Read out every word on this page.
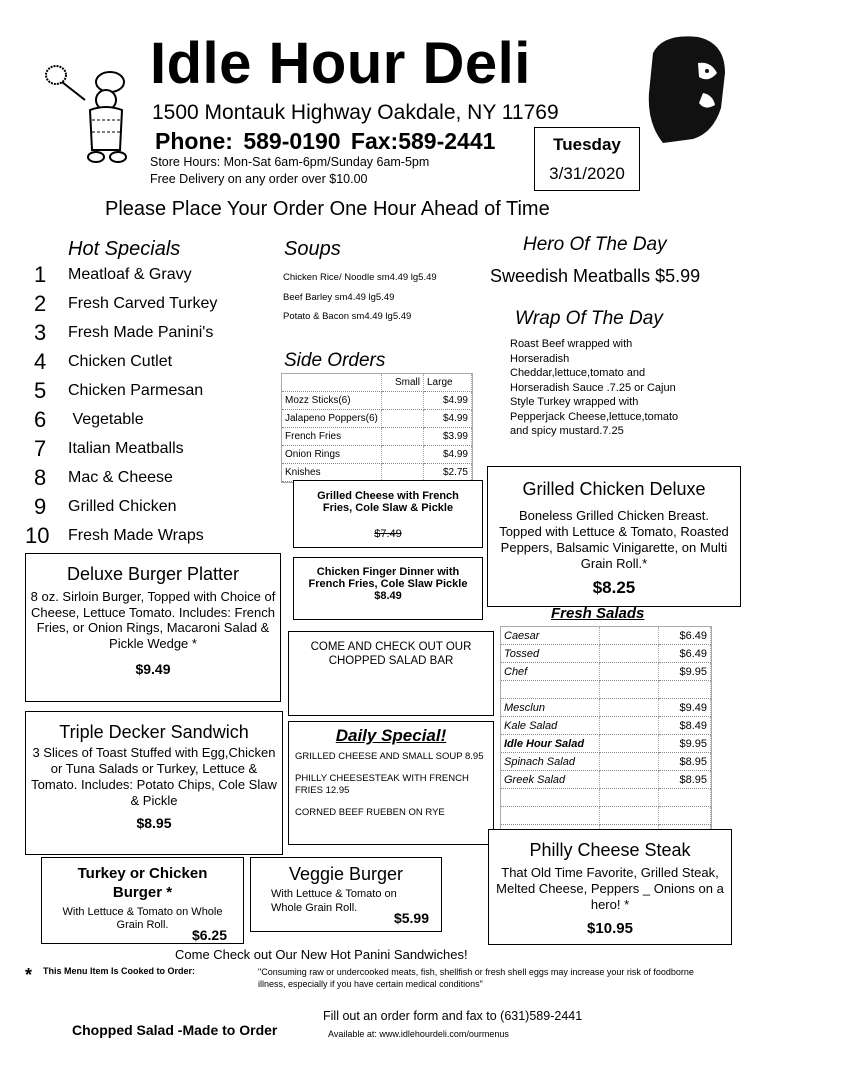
Idle Hour Deli
1500 Montauk Highway Oakdale, NY 11769
Phone: 589-0190 Fax:589-2441
Store Hours: Mon-Sat 6am-6pm/Sunday 6am-5pm
Free Delivery on any order over $10.00
Tuesday
3/31/2020
Please Place Your Order One Hour Ahead of Time
Hot Specials
1 Meatloaf & Gravy
2 Fresh Carved Turkey
3 Fresh Made Panini's
4 Chicken Cutlet
5 Chicken Parmesan
6 Vegetable
7 Italian Meatballs
8 Mac & Cheese
9 Grilled Chicken
10 Fresh Made Wraps
Soups
Chicken Rice/ Noodle sm4.49 lg5.49
Beef Barley sm4.49 lg5.49
Potato & Bacon sm4.49 lg5.49
Side Orders
	Small	Large
Mozz Sticks(6)		$4.99
Jalapeno Poppers(6)		$4.99
French Fries		$3.99
Onion Rings		$4.99
Knishes		$2.75
Hero Of The Day
Sweedish Meatballs $5.99
Wrap Of The Day
Roast Beef wrapped with Horseradish Cheddar,lettuce,tomato and Horseradish Sauce .7.25 or Cajun Style Turkey wrapped with Pepperjack Cheese,lettuce,tomato and spicy mustard.7.25
Grilled Cheese with French Fries, Cole Slaw & Pickle
$7.49
Chicken Finger Dinner with French Fries, Cole Slaw Pickle $8.49
Grilled Chicken Deluxe
Boneless Grilled Chicken Breast. Topped with Lettuce & Tomato, Roasted Peppers, Balsamic Vinigarette, on Multi Grain Roll.*
$8.25
Deluxe Burger Platter
8 oz. Sirloin Burger, Topped with Choice of Cheese, Lettuce Tomato. Includes: French Fries, or Onion Rings, Macaroni Salad & Pickle Wedge *
$9.49
COME AND CHECK OUT OUR CHOPPED SALAD BAR
Fresh Salads
Caesar		$6.49
Tossed		$6.49
Chef		$9.95

Mesclun		$9.49
Kale Salad		$8.49
Idle Hour Salad		$9.95
Spinach Salad		$8.95
Greek Salad		$8.95

Triple Decker Sandwich
3 Slices of Toast Stuffed with Egg,Chicken or Tuna Salads or Turkey, Lettuce & Tomato. Includes: Potato Chips, Cole Slaw & Pickle
$8.95
Daily Special!
GRILLED CHEESE AND SMALL SOUP 8.95
PHILLY CHEESESTEAK WITH FRENCH FRIES 12.95
CORNED BEEF RUEBEN ON RYE
Philly Cheese Steak
That Old Time Favorite, Grilled Steak, Melted Cheese, Peppers _ Onions on a hero! *
$10.95
Turkey or Chicken Burger *
With Lettuce & Tomato on Whole Grain Roll.
$6.25
Veggie Burger
With Lettuce & Tomato on Whole Grain Roll.
$5.99
Come Check out Our New Hot Panini Sandwiches!
* This Menu Item Is Cooked to Order:	"Consuming raw or undercooked meats, fish, shellfish or fresh shell eggs may increase your risk of foodborne illness, especially if you have certain medical conditions"
Fill out an order form and fax to (631)589-2441
Chopped Salad -Made to Order	Available at: www.idlehourdeli.com/ourmenus
